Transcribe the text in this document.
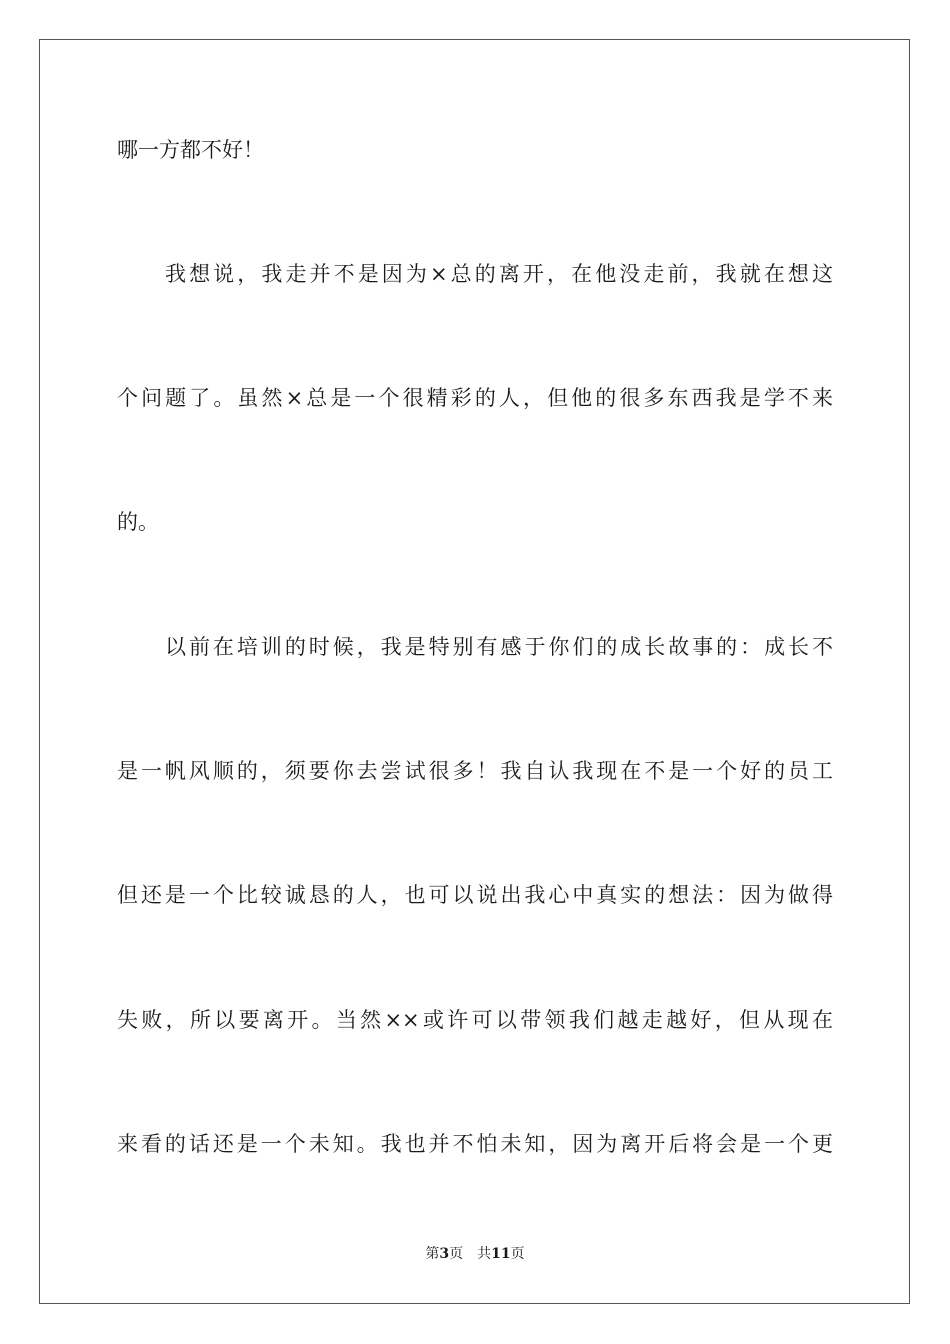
哪一方都不好！
我想说，我走并不是因为×总的离开，在他没走前，我就在想这
个问题了。虽然×总是一个很精彩的人，但他的很多东西我是学不来
的。
以前在培训的时候，我是特别有感于你们的成长故事的：成长不
是一帆风顺的，须要你去尝试很多！我自认我现在不是一个好的员工
但还是一个比较诚恳的人，也可以说出我心中真实的想法：因为做得
失败，所以要离开。当然××或许可以带领我们越走越好，但从现在
来看的话还是一个未知。我也并不怕未知，因为离开后将会是一个更
第3页 共11页
